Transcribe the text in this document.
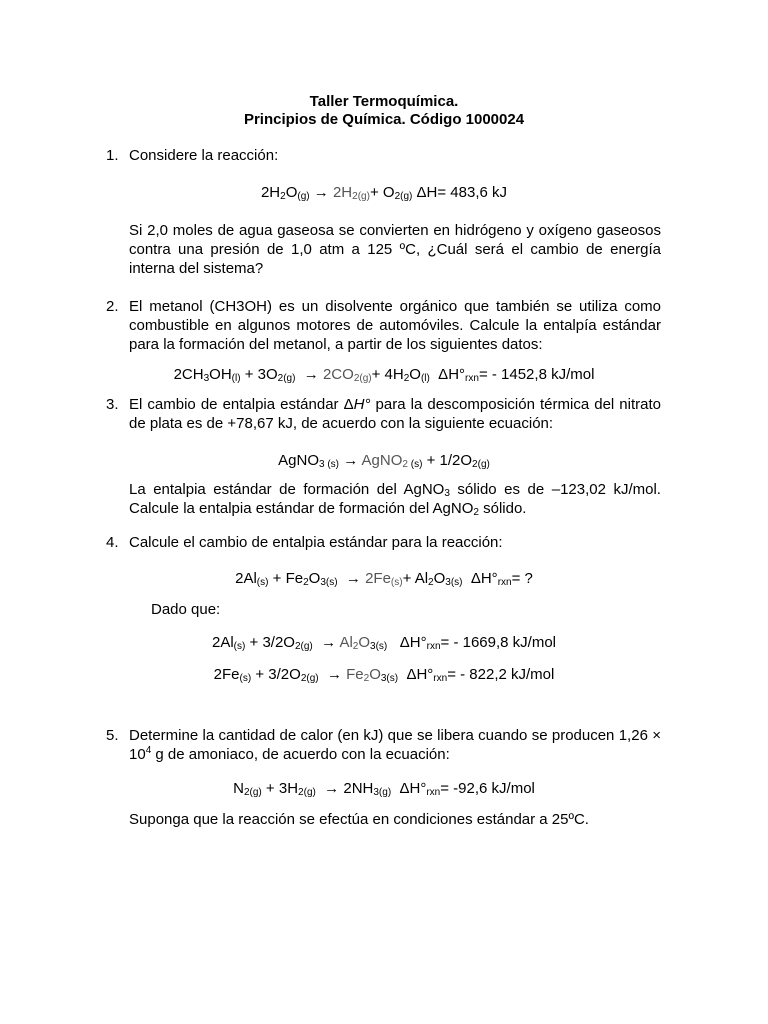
Taller Termoquímica.
Principios de Química. Código 1000024
1. Considere la reacción:
$2H_2O_{(g)} \to 2H_{2(g)}+ O_{2(g)}$ ΔH= 483,6 kJ
Si 2,0 moles de agua gaseosa se convierten en hidrógeno y oxígeno gaseosos contra una presión de 1,0 atm a 125 ºC, ¿Cuál será el cambio de energía interna del sistema?
2. El metanol (CH3OH) es un disolvente orgánico que también se utiliza como combustible en algunos motores de automóviles. Calcule la entalpía estándar para la formación del metanol, a partir de los siguientes datos:
$2CH_3OH_{(l)} + 3O_{2(g)} \to 2CO_{2(g)}+ 4H_2O_{(l)}$  $\Delta H^\circ_{rxn}= - 1452,8$ kJ/mol
3. El cambio de entalpia estándar ΔH° para la descomposición térmica del nitrato de plata es de +78,67 kJ, de acuerdo con la siguiente ecuación:
AgNO$_3$ $_{(s)}$ → AgNO$_2$ $_{(s)} + 1/2O_{2(g)}$
La entalpia estándar de formación del AgNO$_3$ sólido es de –123,02 kJ/mol. Calcule la entalpia estándar de formación del AgNO$_2$ sólido.
4. Calcule el cambio de entalpia estándar para la reacción:
$2Al_{(s)} + Fe_2O_{3(s)} \to 2Fe_{(s)}+ Al_2O_{3(s)}$  $\Delta H^\circ_{rxn}=$ ?
Dado que:
$2Al_{(s)} + 3/2O_{2(g)} \to Al_2O_{3(s)}$   $\Delta H^\circ_{rxn}= - 1669,8$ kJ/mol
$2Fe_{(s)} + 3/2O_{2(g)} \to Fe_2O_{3(s)}$  $\Delta H^\circ_{rxn}= - 822,2$ kJ/mol
5. Determine la cantidad de calor (en kJ) que se libera cuando se producen $1,26 \times 10^4$ g de amoniaco, de acuerdo con la ecuación:
$N_{2(g)} + 3H_{2(g)} \to 2NH_{3(g)}$  $\Delta H^\circ_{rxn}= -92,6$ kJ/mol
Suponga que la reacción se efectúa en condiciones estándar a 25ºC.
